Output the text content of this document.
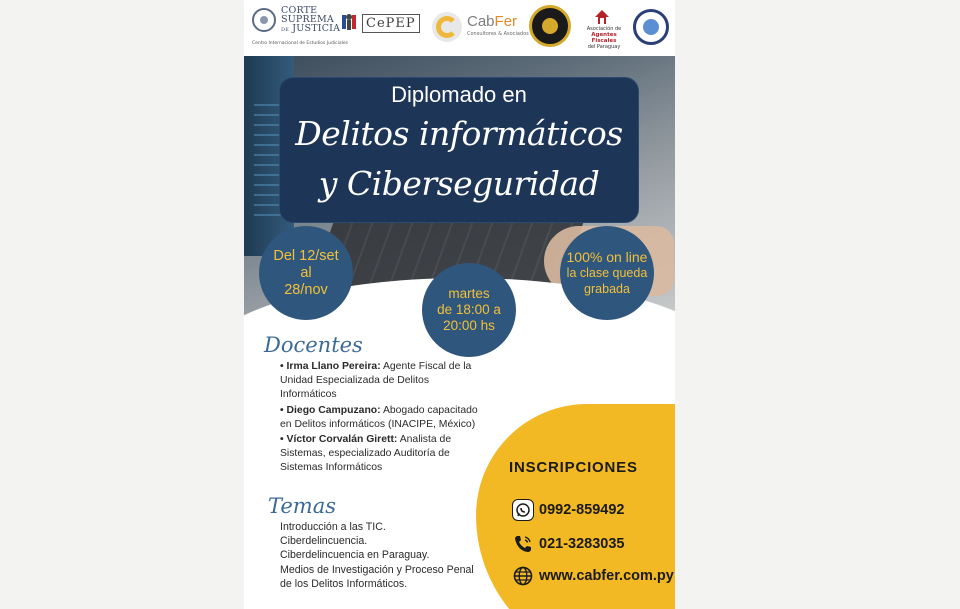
CORTE
SUPREMA
DE JUSTICIA
Centro Internacional de Estudios Judiciales
CePEP	CabFer
Consultores & Asociados
Asociación de
Agentes Fiscales
del Paraguay
Diplomado en
Delitos informáticos
y Ciberseguridad
Del 12/set
al
28/nov	martes
de 18:00 a
20:00 hs
100% on line
la clase queda
grabada
Docentes
• Irma Llano Pereira: Agente Fiscal de la Unidad Especializada de Delitos Informáticos
• Diego Campuzano: Abogado capacitado en Delitos informáticos (INACIPE, México)
• Víctor Corvalán Girett: Analista de Sistemas, especializado Auditoría de Sistemas Informáticos
Temas
Introducción a las TIC.
Ciberdelincuencia.
Ciberdelincuencia en Paraguay.
Medios de Investigación y Proceso Penal de los Delitos Informáticos.
INSCRIPCIONES
0992-859492
021-3283035
www.cabfer.com.py
